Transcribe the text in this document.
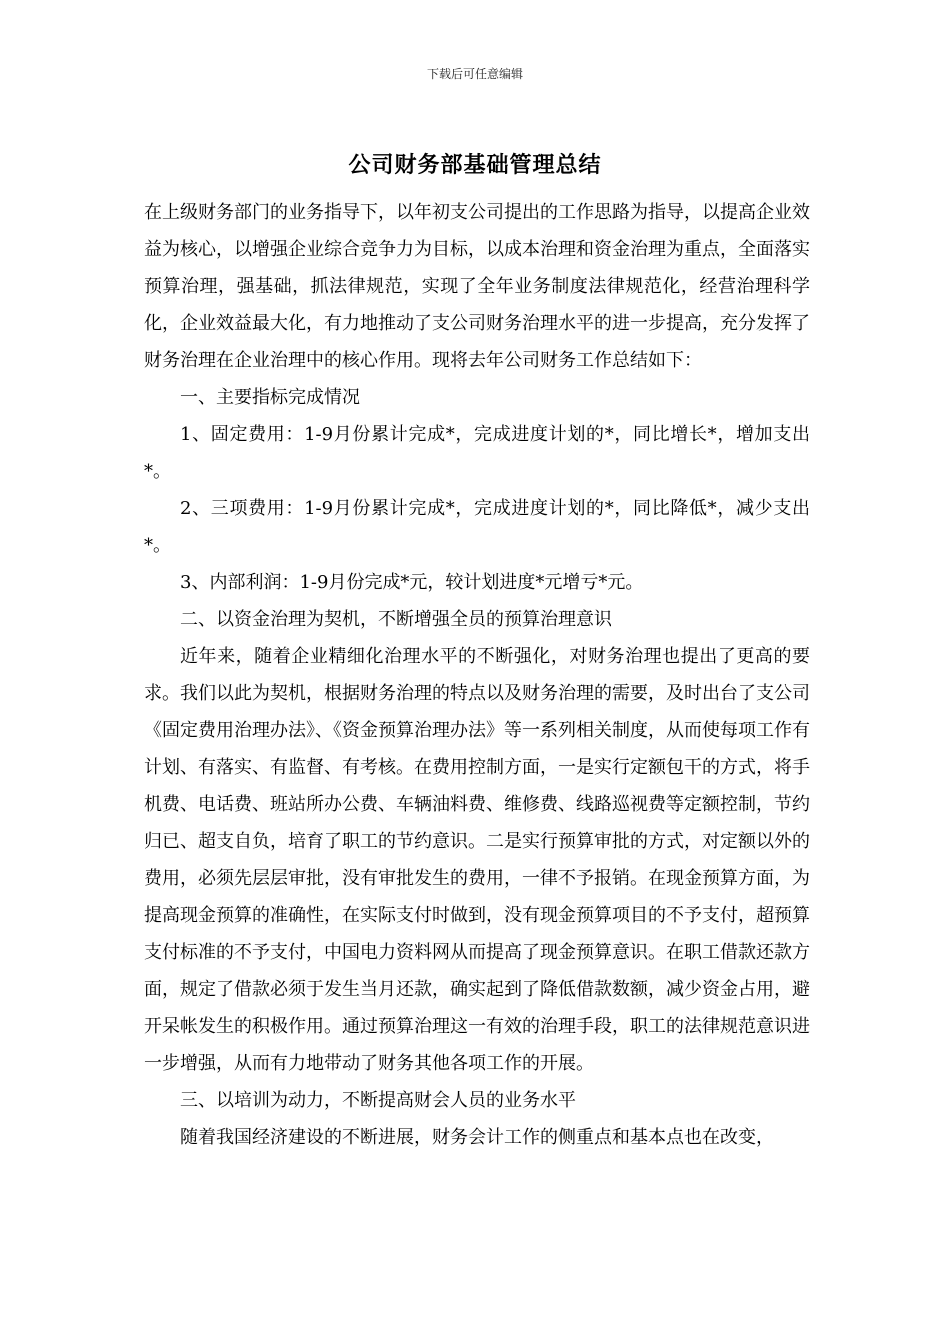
下载后可任意编辑
公司财务部基础管理总结

在上级财务部门的业务指导下，以年初支公司提出的工作思路为指导，以提高企业效益为核心，以增强企业综合竞争力为目标，以成本治理和资金治理为重点，全面落实预算治理，强基础，抓法律规范，实现了全年业务制度法律规范化，经营治理科学化，企业效益最大化，有力地推动了支公司财务治理水平的进一步提高，充分发挥了财务治理在企业治理中的核心作用。现将去年公司财务工作总结如下：

一、主要指标完成情况

1、固定费用：1-9月份累计完成*，完成进度计划的*，同比增长*，增加支出*。

2、三项费用：1-9月份累计完成*，完成进度计划的*，同比降低*，减少支出*。

3、内部利润：1-9月份完成*元，较计划进度*元增亏*元。

二、以资金治理为契机，不断增强全员的预算治理意识

近年来，随着企业精细化治理水平的不断强化，对财务治理也提出了更高的要求。我们以此为契机，根据财务治理的特点以及财务治理的需要，及时出台了支公司《固定费用治理办法》、《资金预算治理办法》等一系列相关制度，从而使每项工作有计划、有落实、有监督、有考核。在费用控制方面，一是实行定额包干的方式，将手机费、电话费、班站所办公费、车辆油料费、维修费、线路巡视费等定额控制，节约归已、超支自负，培育了职工的节约意识。二是实行预算审批的方式，对定额以外的费用，必须先层层审批，没有审批发生的费用，一律不予报销。在现金预算方面，为提高现金预算的准确性，在实际支付时做到，没有现金预算项目的不予支付，超预算支付标准的不予支付，中国电力资料网从而提高了现金预算意识。在职工借款还款方面，规定了借款必须于发生当月还款，确实起到了降低借款数额，减少资金占用，避开呆帐发生的积极作用。通过预算治理这一有效的治理手段，职工的法律规范意识进一步增强，从而有力地带动了财务其他各项工作的开展。

三、以培训为动力，不断提高财会人员的业务水平

随着我国经济建设的不断进展，财务会计工作的侧重点和基本点也在改变，
